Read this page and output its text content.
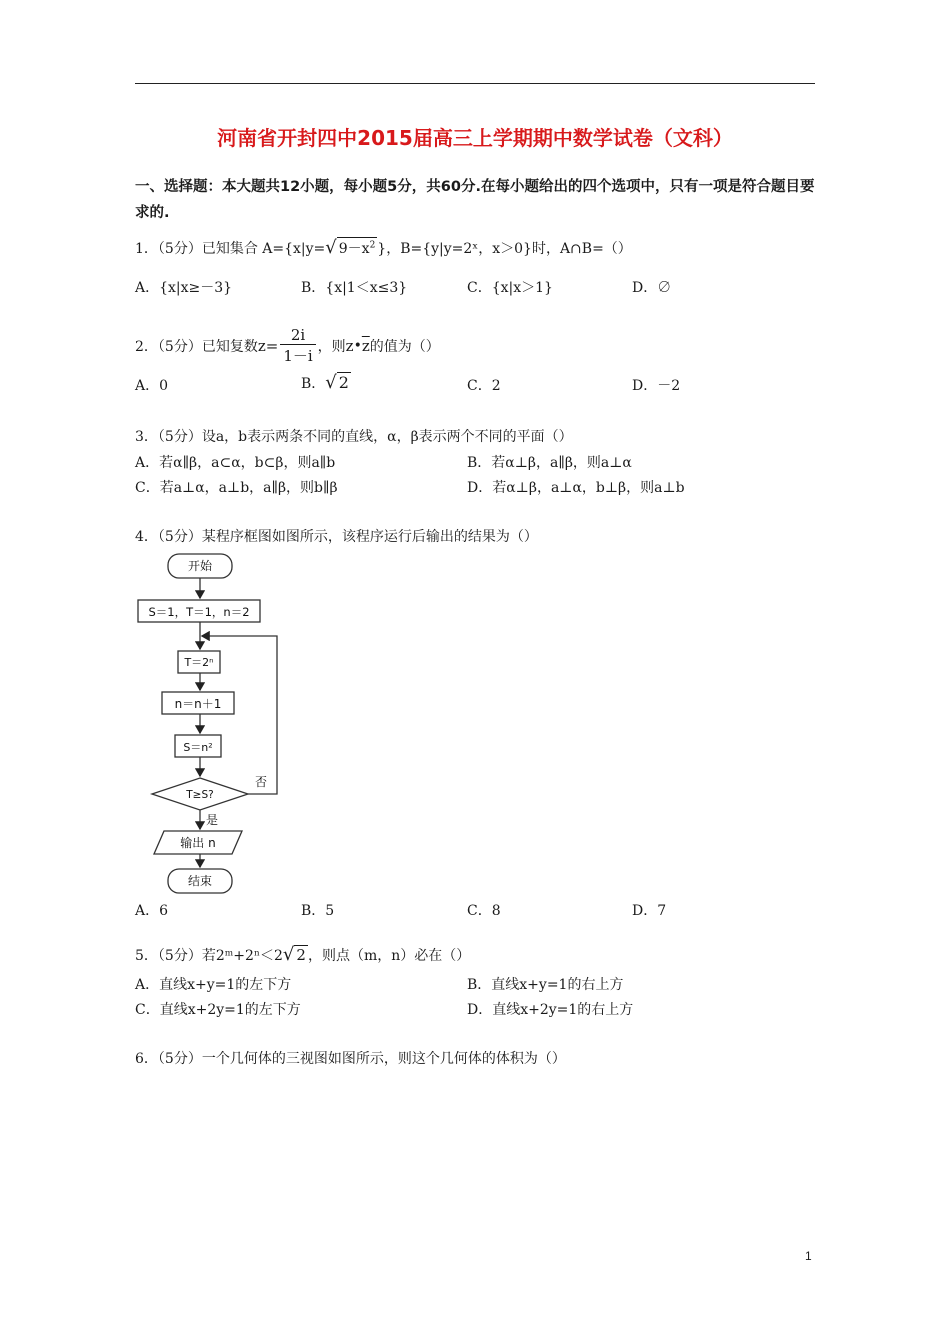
河南省开封四中2015届高三上学期期中数学试卷（文科）
一、选择题：本大题共12小题，每小题5分，共60分.在每小题给出的四个选项中，只有一项是符合题目要求的.
1．（5分）已知集合 A={x|y=√ $9-x^2$ }，B={y|y=2ˣ，x＞0}时，A∩B=（）
A．{x|x≥－3}	B．{x|1＜x≤3}	C．{x|x＞1}	D．∅
2．（5分）已知复数$z= \frac{2i}{1-i}$ ，则$z•\overline{z}$的值为（）
A．0	B．√ 2	C．2	D．－2
3．（5分）设a，b表示两条不同的直线，α，β表示两个不同的平面（）
A．若α∥β，a⊂α，b⊂β，则a∥b	B．若α⊥β，a∥β，则a⊥α
C．若a⊥α，a⊥b，a∥β，则b∥β	D．若α⊥β，a⊥α，b⊥β，则a⊥b
4．（5分）某程序框图如图所示，该程序运行后输出的结果为（）
开始
S＝1，T＝1，n＝2
T＝2ⁿ
n＝n＋1
S＝n²
T≥S?
否
是
输出 n
结束
A．6	B．5	C．8	D．7
5．（5分）若2ᵐ+2ⁿ＜2√ 2 ，则点（m，n）必在（）
A．直线x+y=1的左下方	B．直线x+y=1的右上方
C．直线x+2y=1的左下方	D．直线x+2y=1的右上方
6．（5分）一个几何体的三视图如图所示，则这个几何体的体积为（）
1
